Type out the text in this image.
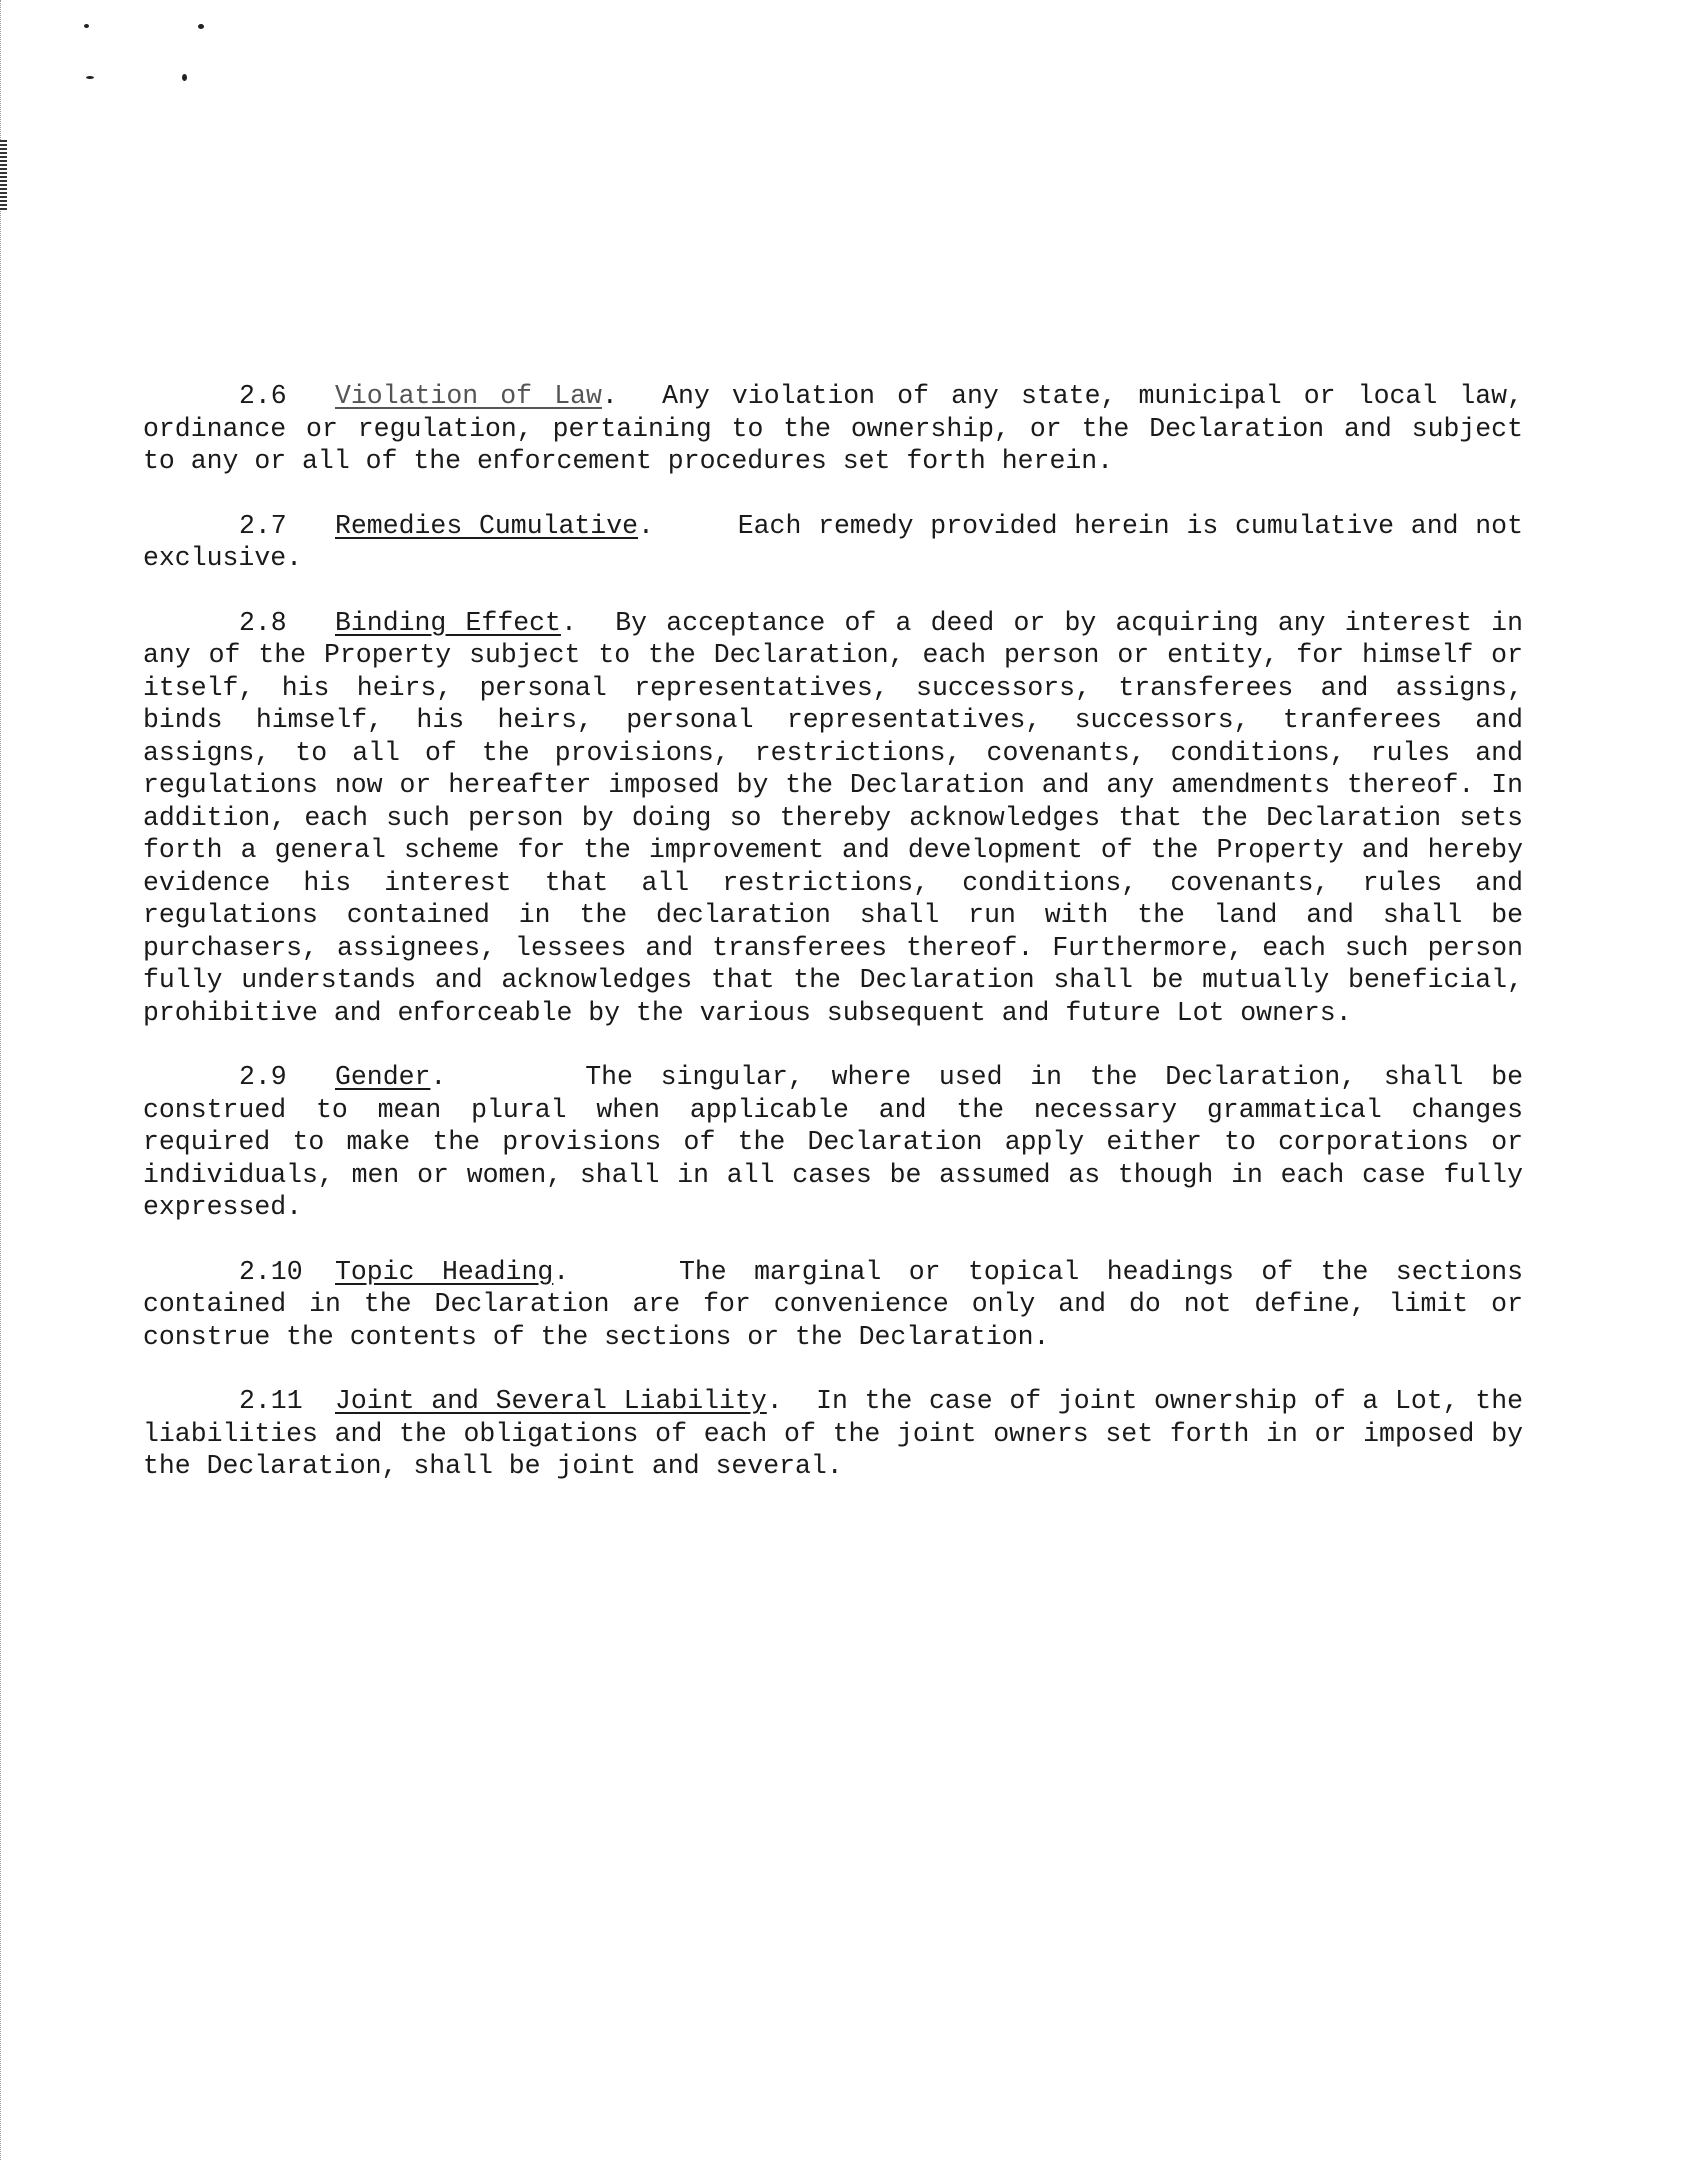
2.6 Violation of Law.  Any violation of any state, municipal or local law, ordinance or regulation, pertaining to the ownership, or the Declaration and subject to any or all of the enforcement procedures set forth herein.

2.7 Remedies Cumulative.     Each remedy provided herein is cumulative and not exclusive.

2.8 Binding Effect.  By acceptance of a deed or by acquiring any interest in any of the Property subject to the Declaration, each person or entity, for himself or itself, his heirs, personal representatives, successors, transferees and assigns, binds himself, his heirs, personal representatives, successors, tranferees and assigns, to all of the provisions, restrictions, covenants, conditions, rules and regulations now or hereafter imposed by the Declaration and any amendments thereof. In addition, each such person by doing so thereby acknowledges that the Declaration sets forth a general scheme for the improvement and development of the Property and hereby evidence his interest that all restrictions, conditions, covenants, rules and regulations contained in the declaration shall run with the land and shall be purchasers, assignees, lessees and transferees thereof. Furthermore, each such person fully understands and acknowledges that the Declaration shall be mutually beneficial, prohibitive and enforceable by the various subsequent and future Lot owners.

2.9 Gender.     The singular, where used in the Declaration, shall be construed to mean plural when applicable and the necessary grammatical changes required to make the provisions of the Declaration apply either to corporations or individuals, men or women, shall in all cases be assumed as though in each case fully expressed.

2.10 Topic Heading.    The marginal or topical headings of the sections contained in the Declaration are for convenience only and do not define, limit or construe the contents of the sections or the Declaration.

2.11 Joint and Several Liability.  In the case of joint ownership of a Lot, the liabilities and the obligations of each of the joint owners set forth in or imposed by the Declaration, shall be joint and several.
